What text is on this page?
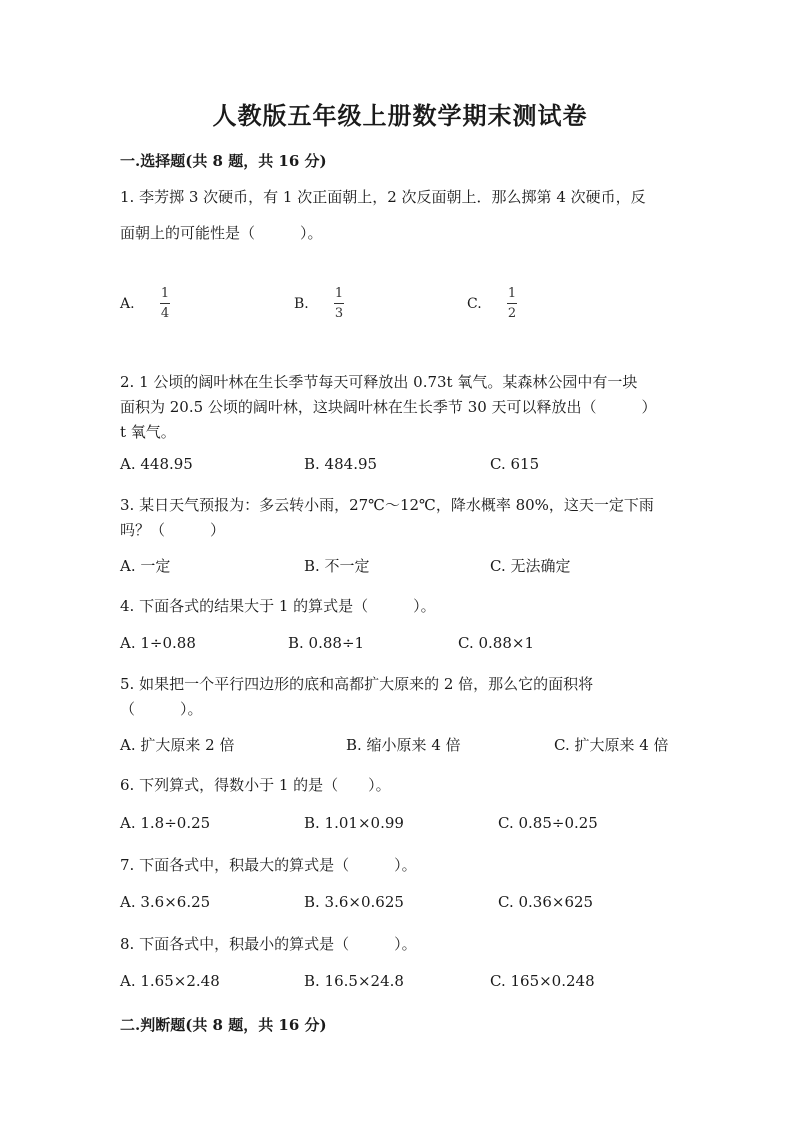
人教版五年级上册数学期末测试卷
一.选择题(共 8 题，共 16 分)
1. 李芳掷 3 次硬币，有 1 次正面朝上，2 次反面朝上．那么掷第 4 次硬币，反
面朝上的可能性是（　　　）。
A.
1
4
B.
1
3
C.
1
2
2. 1 公顷的阔叶林在生长季节每天可释放出 0.73t 氧气。某森林公园中有一块
面积为 20.5 公顷的阔叶林，这块阔叶林在生长季节 30 天可以释放出（　　　）
t 氧气。
A. 448.95	B. 484.95	C. 615
3. 某日天气预报为：多云转小雨，27℃～12℃，降水概率 80%，这天一定下雨
吗？（　　　）
A. 一定	B. 不一定	C. 无法确定
4. 下面各式的结果大于 1 的算式是（　　　）。
A. 1÷0.88	B. 0.88÷1	C. 0.88×1
5. 如果把一个平行四边形的底和高都扩大原来的 2 倍，那么它的面积将
（　　　）。
A. 扩大原来 2 倍	B. 缩小原来 4 倍	C. 扩大原来 4 倍
6. 下列算式，得数小于 1 的是（　　）。
A. 1.8÷0.25	B. 1.01×0.99	C. 0.85÷0.25
7. 下面各式中，积最大的算式是（　　　）。
A. 3.6×6.25	B. 3.6×0.625	C. 0.36×625
8. 下面各式中，积最小的算式是（　　　）。
A. 1.65×2.48	B. 16.5×24.8	C. 165×0.248
二.判断题(共 8 题，共 16 分)
